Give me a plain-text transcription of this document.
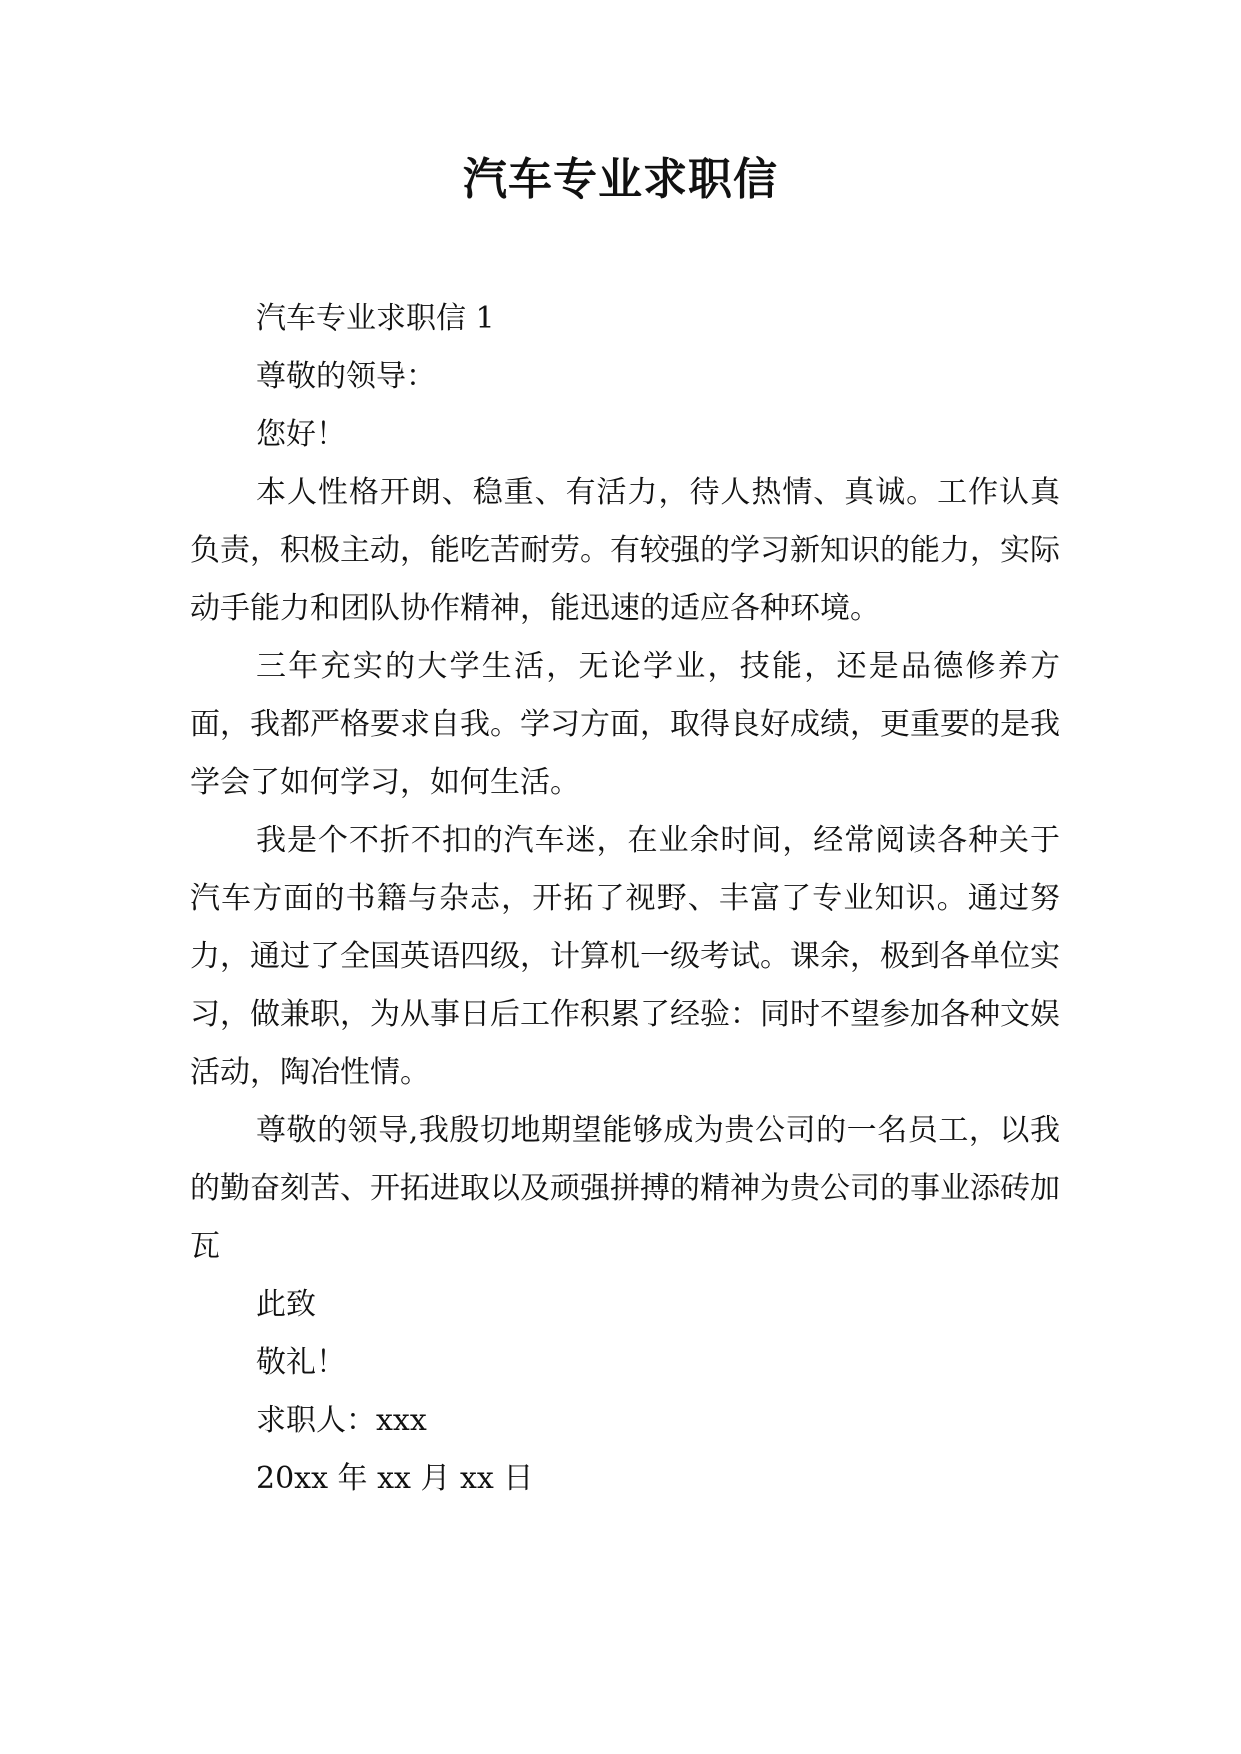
汽车专业求职信

汽车专业求职信 1

尊敬的领导：

您好！

本人性格开朗、稳重、有活力，待人热情、真诚。工作认真负责，积极主动，能吃苦耐劳。有较强的学习新知识的能力，实际动手能力和团队协作精神，能迅速的适应各种环境。

三年充实的大学生活，无论学业，技能，还是品德修养方面，我都严格要求自我。学习方面，取得良好成绩，更重要的是我学会了如何学习，如何生活。

我是个不折不扣的汽车迷，在业余时间，经常阅读各种关于汽车方面的书籍与杂志，开拓了视野、丰富了专业知识。通过努力，通过了全国英语四级，计算机一级考试。课余，极到各单位实习，做兼职，为从事日后工作积累了经验：同时不望参加各种文娱活动，陶冶性情。

尊敬的领导,我殷切地期望能够成为贵公司的一名员工，以我的勤奋刻苦、开拓进取以及顽强拼搏的精神为贵公司的事业添砖加瓦

此致

敬礼！

求职人：xxx

20xx 年 xx 月 xx 日
